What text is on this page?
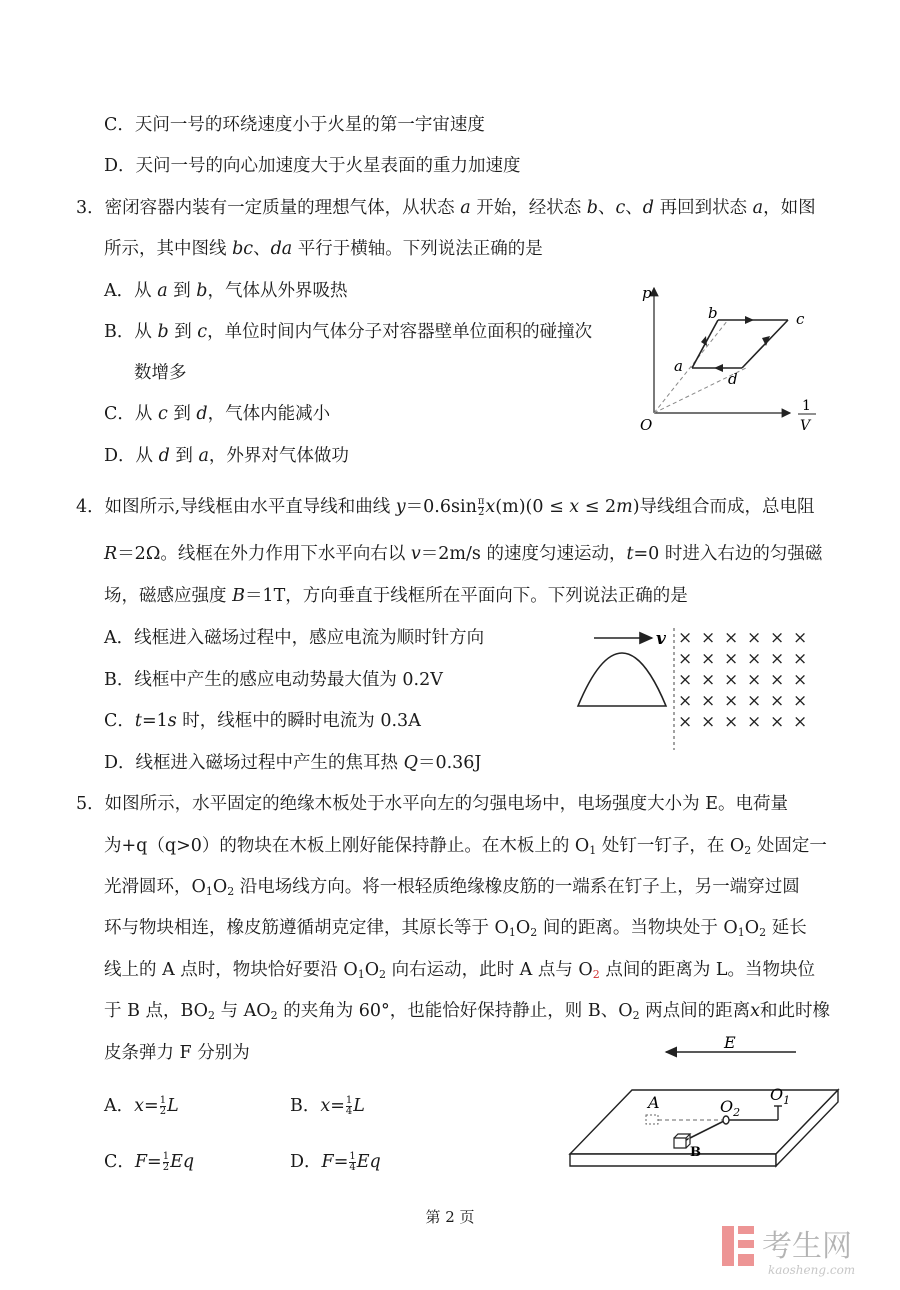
C．天问一号的环绕速度小于火星的第一宇宙速度
D．天问一号的向心加速度大于火星表面的重力加速度
3．密闭容器内装有一定质量的理想气体，从状态 a 开始，经状态 b、c、d 再回到状态 a，如图
所示，其中图线 bc、da 平行于横轴。下列说法正确的是
A．从 a 到 b，气体从外界吸热
B．从 b 到 c，单位时间内气体分子对容器壁单位面积的碰撞次
数增多
C．从 c 到 d，气体内能减小
D．从 d 到 a，外界对气体做功
p
b	c
a
d
O
1
V
4．如图所示,导线框由水平直导线和曲线 $y=0.6\sin \frac{\pi}{2} x(m)(0 \le x \le 2m)$导线组合而成，总电阻
R＝2Ω。线框在外力作用下水平向右以 v＝2m/s 的速度匀速运动，t=0 时进入右边的匀强磁
场，磁感应强度 B＝1T，方向垂直于线框所在平面向下。下列说法正确的是
A．线框进入磁场过程中，感应电流为顺时针方向
B．线框中产生的感应电动势最大值为 0.2V
C．t=1s 时，线框中的瞬时电流为 0.3A
D．线框进入磁场过程中产生的焦耳热 Q＝0.36J
v × × × × × ×
× × × × × ×
× × × × × ×
× × × × × ×
× × × × × ×
5．如图所示，水平固定的绝缘木板处于水平向左的匀强电场中，电场强度大小为 E。电荷量
为+q（q>0）的物块在木板上刚好能保持静止。在木板上的 $O_1$ 处钉一钉子，在 $O_2$ 处固定一
光滑圆环，$O_1O_2$ 沿电场线方向。将一根轻质绝缘橡皮筋的一端系在钉子上，另一端穿过圆
环与物块相连，橡皮筋遵循胡克定律，其原长等于 $O_1O_2$ 间的距离。当物块处于 $O_1O_2$ 延长
线上的 A 点时，物块恰好要沿 $O_1O_2$ 向右运动，此时 A 点与 $O_2$ 点间的距离为 L。当物块位
于 B 点，$BO_2$ 与 $AO_2$ 的夹角为 60°，也能恰好保持静止，则 B、$O_2$ 两点间的距离x和此时橡
皮条弹力 F 分别为
A．$x= \frac{1}{2}$ L	B．$x= \frac{1}{4}$ L
C．$F= \frac{1}{2}$ Eq	D．$F= \frac{1}{4}$ Eq
E
A	$O_2$
$O_1$
B
第 2 页
考生网
kaosheng.com
